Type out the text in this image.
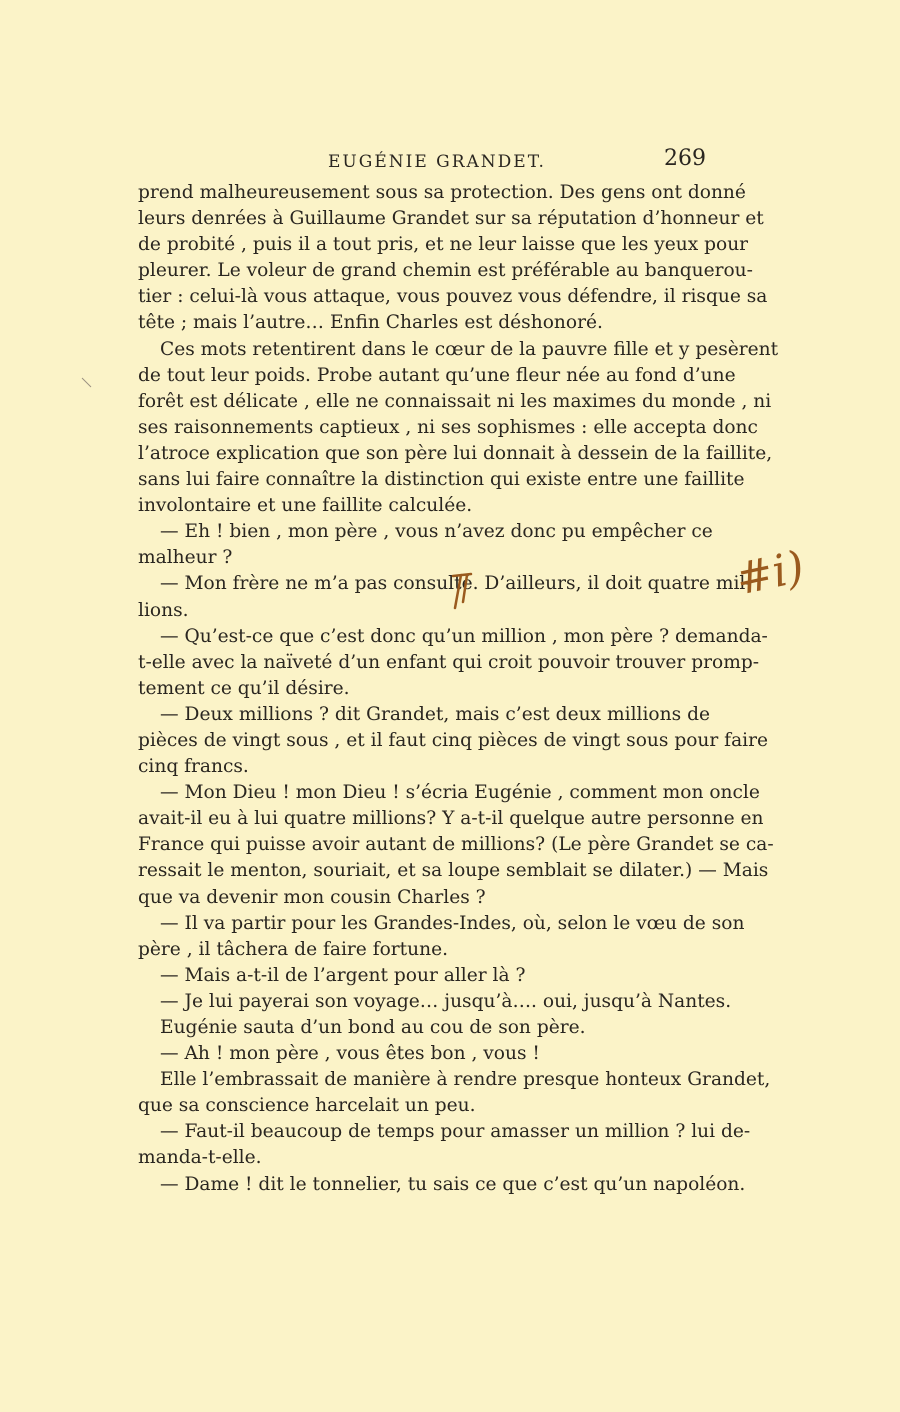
EUGÉNIE GRANDET.	269

prend malheureusement sous sa protection. Des gens ont donné

leurs denrées à Guillaume Grandet sur sa réputation d’honneur et

de probité , puis il a tout pris, et ne leur laisse que les yeux pour

pleurer. Le voleur de grand chemin est préférable au banquerou-

tier : celui-là vous attaque, vous pouvez vous défendre, il risque sa

tête ; mais l’autre… Enfin Charles est déshonoré.

Ces mots retentirent dans le cœur de la pauvre fille et y pesèrent

de tout leur poids. Probe autant qu’une fleur née au fond d’une

forêt est délicate , elle ne connaissait ni les maximes du monde , ni

ses raisonnements captieux , ni ses sophismes : elle accepta donc

l’atroce explication que son père lui donnait à dessein de la faillite,

sans lui faire connaître la distinction qui existe entre une faillite

involontaire et une faillite calculée.

— Eh ! bien , mon père , vous n’avez donc pu empêcher ce

malheur ?

— Mon frère ne m’a pas consulté. D’ailleurs, il doit quatre mil-

lions.

— Qu’est-ce que c’est donc qu’un million , mon père ? demanda-

t-elle avec la naïveté d’un enfant qui croit pouvoir trouver promp-

tement ce qu’il désire.

— Deux millions ? dit Grandet, mais c’est deux millions de

pièces de vingt sous , et il faut cinq pièces de vingt sous pour faire

cinq francs.

— Mon Dieu ! mon Dieu ! s’écria Eugénie , comment mon oncle

avait-il eu à lui quatre millions? Y a-t-il quelque autre personne en

France qui puisse avoir autant de millions? (Le père Grandet se ca-

ressait le menton, souriait, et sa loupe semblait se dilater.) — Mais

que va devenir mon cousin Charles ?

— Il va partir pour les Grandes-Indes, où, selon le vœu de son

père , il tâchera de faire fortune.

— Mais a-t-il de l’argent pour aller là ?

— Je lui payerai son voyage… jusqu’à…. oui, jusqu’à Nantes.

Eugénie sauta d’un bond au cou de son père.

— Ah ! mon père , vous êtes bon , vous !

Elle l’embrassait de manière à rendre presque honteux Grandet,

que sa conscience harcelait un peu.

— Faut-il beaucoup de temps pour amasser un million ? lui de-

manda-t-elle.

— Dame ! dit le tonnelier, tu sais ce que c’est qu’un napoléon.

#i)
